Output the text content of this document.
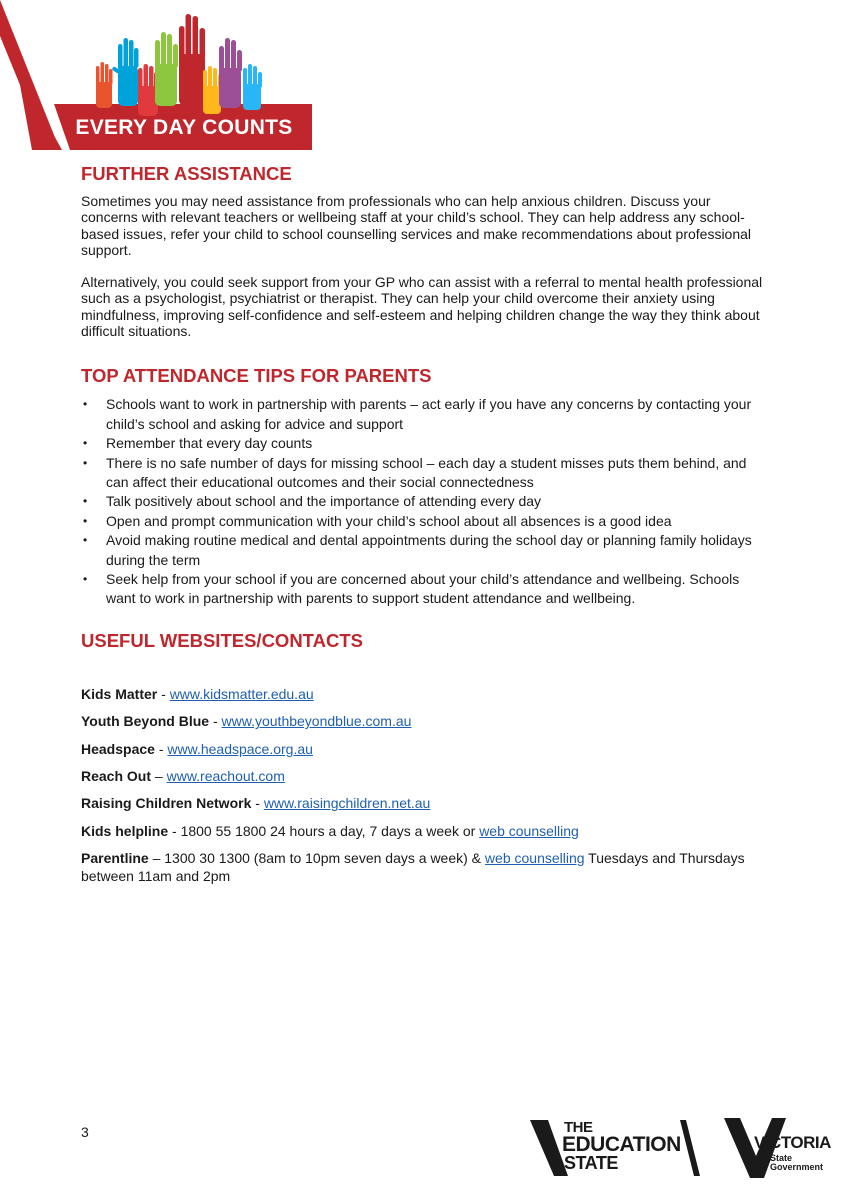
EVERY DAY COUNTS
FURTHER ASSISTANCE

Sometimes you may need assistance from professionals who can help anxious children. Discuss your concerns with relevant teachers or wellbeing staff at your child’s school. They can help address any school-based issues, refer your child to school counselling services and make recommendations about professional support.

Alternatively, you could seek support from your GP who can assist with a referral to mental health professional such as a psychologist, psychiatrist or therapist. They can help your child overcome their anxiety using mindfulness, improving self-confidence and self-esteem and helping children change the way they think about difficult situations.

TOP ATTENDANCE TIPS FOR PARENTS
• Schools want to work in partnership with parents – act early if you have any concerns by contacting your child’s school and asking for advice and support
• Remember that every day counts
• There is no safe number of days for missing school – each day a student misses puts them behind, and can affect their educational outcomes and their social connectedness
• Talk positively about school and the importance of attending every day
• Open and prompt communication with your child’s school about all absences is a good idea
• Avoid making routine medical and dental appointments during the school day or planning family holidays during the term
• Seek help from your school if you are concerned about your child’s attendance and wellbeing. Schools want to work in partnership with parents to support student attendance and wellbeing.
USEFUL WEBSITES/CONTACTS
Kids Matter - www.kidsmatter.edu.au
Youth Beyond Blue - www.youthbeyondblue.com.au
Headspace - www.headspace.org.au
Reach Out – www.reachout.com
Raising Children Network - www.raisingchildren.net.au
Kids helpline - 1800 55 1800 24 hours a day, 7 days a week or web counselling
Parentline – 1300 30 1300 (8am to 10pm seven days a week) & web counselling Tuesdays and Thursdays between 11am and 2pm
3	THE
EDUCATION
STATE
VICTORIA
State
Government
